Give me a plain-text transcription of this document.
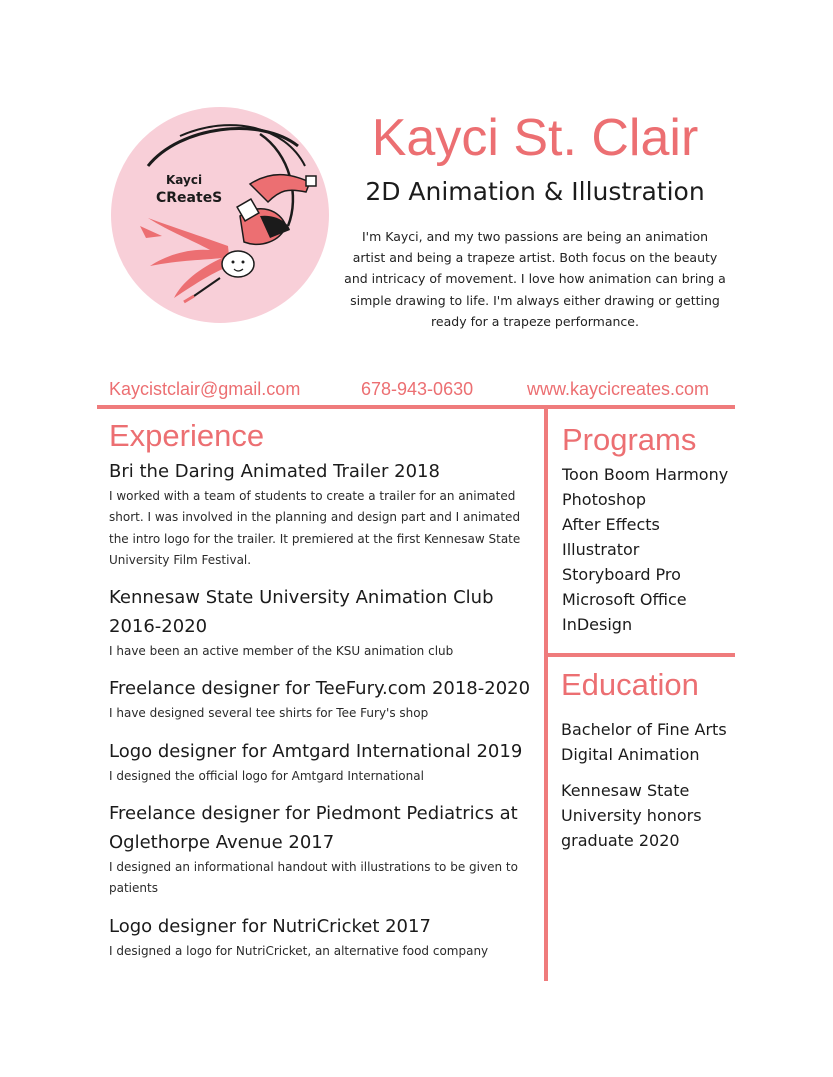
Kayci
CReateS
Kayci St. Clair
2D Animation & Illustration
I'm Kayci, and my two passions are being an animation artist and being a trapeze artist. Both focus on the beauty and intricacy of movement. I love how animation can bring a simple drawing to life. I'm always either drawing or getting ready for a trapeze performance.
Kaycistclair@gmail.com	678-943-0630	www.kaycicreates.com
Experience
Bri the Daring Animated Trailer 2018
I worked with a team of students to create a trailer for an animated short. I was involved in the planning and design part and I animated the intro logo for the trailer. It premiered at the first Kennesaw State University Film Festival.
Kennesaw State University Animation Club 2016-2020
I have been an active member of the KSU animation club
Freelance designer for TeeFury.com 2018-2020
I have designed several tee shirts for Tee Fury's shop
Logo designer for Amtgard International 2019
I designed the official logo for Amtgard International
Freelance designer for Piedmont Pediatrics at Oglethorpe Avenue 2017
I designed an informational handout with illustrations to be given to patients
Logo designer for NutriCricket 2017
I designed a logo for NutriCricket, an alternative food company
Programs
Toon Boom Harmony
Photoshop
After Effects
Illustrator
Storyboard Pro
Microsoft Office
InDesign
Education
Bachelor of Fine Arts
Digital Animation
Kennesaw State
University honors
graduate 2020
